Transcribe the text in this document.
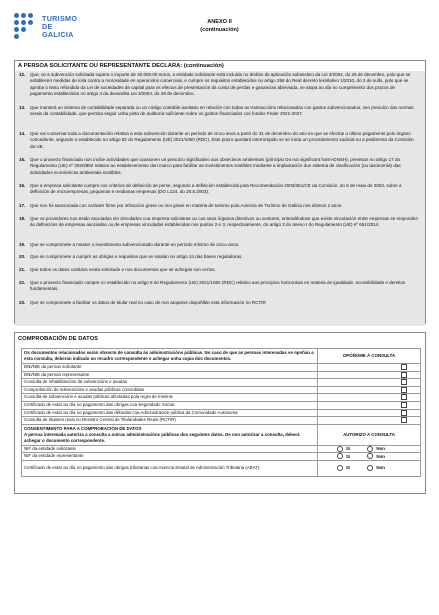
TURISMO
DE
GALICIA
ANEXO II
(continuación)
A PERSOA SOLICITANTE OU REPRESENTANTE DECLARA: (continuación)
12.	Que, se a subvención solicitada supera o importe de 30.000,00 euros, a entidade solicitante está incluída no ámbito de aplicación subxectivo da Lei 3/2004, do 29 de decembro, polo que se establecen medidas de loita contra a morosidade en operacións comerciais, e cumpre os requisitos establecidos no artigo 258 do Real decreto lexislativo 1/2010, do 2 de xullo, polo que se aproba o texto refundido da Lei de sociedades de capital para os efectos de presentación da conta de perdas e ganancias abreviada, se atopa ao día no cumprimento dos prazos de pagamento establecidos no artigo 4 da devandita Lei 3/2004, do 29 de decembro.
13.	Que manterá un sistema de contabilidade separada ou un código contable axeitado en relación con todas as transaccións relacionadas cos gastos subvencionados, sen prexuízo das normas xerais da contabilidade, que permita seguir unha pista de auditoría suficiente sobre os gastos financiados cos fondos Feder 2021-2027.
14.	Que vai conservar toda a documentación relativa a esta subvención durante un período de cinco anos a partir do 31 de decembro do ano en que se efectúe o último pagamento polo órgano concedente, segundo o establecido no artigo 82 do Regulamento (UE) 2021/1060 (RDC). Este prazo quedará interrompido se se inicia un procedemento xudicial ou a pedimento da Comisión da UE.
15.	Que o proxecto financiado non inclúe actividades que ocasionen un prexuízo significativo aos obxectivos ambientais (principio Do not significant harm-DNSH), previstos no artigo 17 do Regulamento (UE) nº 2020/852 relativo ao establecemento dun marco para facilitar as investimentos sostibles mediante a implantación dun sistema de clasificación (ou taxonomía) das actividades económicas ambientais sostibles.
16.	Que a empresa solicitante cumpre cos criterios de definición de peme, segundo a definición establecida pola Recomendación 2003/361/CE da Comisión, do 6 de maio de 2003, sobre a definición de microempresas, pequenas e medianas empresas (DO L124, do 20.5.2003).
17.	Que non foi sancionada con carácter firme por infracción grave ou moi grave en materia de turismo pola Axencia de Turismo de Galicia nos últimos 2 anos.
18.	Que os provedores non están asociados nin vinculados coa empresa solicitante ou cos seus órganos directivos ou xestores, entendéndose que existe vinculación entre empresas se responden ás definicións de empresas asociadas ou de empresas vinculadas establecidas nos puntos 2 e 3, respectivamente, do artigo 3 do anexo I do Regulamento (UE) nº 651/2014.
19.	Que se compromete a manter o investimento subvencionado durante un período mínimo de cinco anos.
20.	Que se compromete a cumprir as obrigas e requisitos que se sinalan no artigo 24 das bases reguladoras.
21.	Que todos os datos contidos nesta solicitude e nos documentos que se achegan son certos.
22.	Que o proxecto financiado cumpre co establecido no artigo 9 do Regulamento (UE) 2021/1060 (RDC) relativo aos principios horizontais en materia de igualdade, accesibilidade e dereitos fundamentais.
23.	Que se compromete a facilitar os datos de titular real no caso de non atoparse dispoñible esta información no RCTIR
COMPROBACIÓN DE DATOS
Os documentos relacionados serán obxecto de consulta ás administracións públicas. No caso de que as persoas interesadas se opoñan a esta consulta, deberán indicalo no recadro correspondente e achegar unha copia dos documentos.	OPÓÑOME Á CONSULTA
DNI/NIE da persoa solicitante	
DNI/NIE da persoa representante	
Consulta de inhabilitacións de subvencións e axudas	
Comprobación de subvencións e axudas públicas concedidas	
Consulta de subvencións e axudas públicas afectadas pola regra de minimis	
Certificado de estar ao día no pagamento das obrigas coa Seguridade Social	
Certificado de estar ao día no pagamento das débedas coa Administración pública da Comunidade Autónoma	
Consulta de titulares reais no Rexistro Central de Titularidades Reais (RCTIR)	

CONSENTIMENTO PARA A COMPROBACIÓN DE DATOS
A persoa interesada autoriza a consulta a outras administracións públicas dos seguintes datos. De non autorizar a consulta, deberá achegar o documento correspondente.	AUTORIZO A CONSULTA
NIF da entidade solicitante	Si Non
NIF da entidade representante	Si Non
Certificado de estar ao día no pagamento das obrigas tributarias coa Axencia Estatal de Administración Tributaria (AEAT)	Si Non
